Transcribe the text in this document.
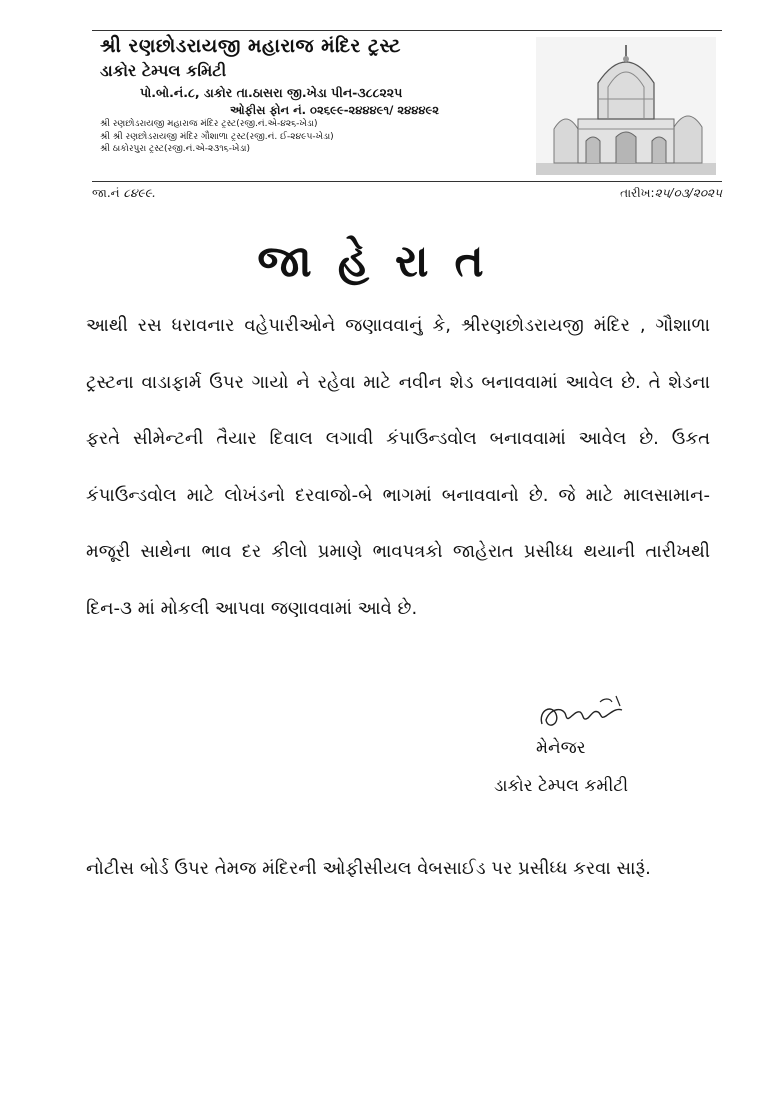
શ્રી રણછોડરાયજી મહારાજ મંદિર ટ્રસ્ટ

ડાકોર ટેમ્પલ કમિટી

પો.બો.નં.૮, ડાકોર તા.ઠાસરા જી.ખેડા પીન-૩૮૮૨૨૫

ઓફીસ ફોન નં. ૦૨૬૯૯-૨૪૪૪૯૧/ ૨૪૪૪૯૨

શ્રી રણછોડરાયજી મહારાજ મંદિર ટ્રસ્ટ(રજી.નં.એ-૪૨૬-ખેડા)

શ્રી શ્રી રણછોડરાયજી મંદિર ગૌશાળા ટ્રસ્ટ(રજી.નં. ઈ-૨૪૯૫-ખેડા)

શ્રી ઠાકોરપુરા ટ્રસ્ટ(રજી.નં.એ-૨૩૧૬-ખેડા)

જા.નં ૮૪૯૯.	તારીખ:૨૫/૦૩/૨૦૨૫
જાહેરાત
આથી રસ ધરાવનાર વહેપારીઓને જણાવવાનું કે, શ્રીરણછોડરાયજી મંદિર , ગૌશાળા ટ્રસ્ટના વાડાફાર્મ ઉપર ગાયો ને રહેવા માટે નવીન શેડ બનાવવામાં આવેલ છે. તે શેડના ફરતે સીમેન્ટની તૈયાર દિવાલ લગાવી કંપાઉન્ડવોલ બનાવવામાં આવેલ છે. ઉકત કંપાઉન્ડવોલ માટે લોખંડનો દરવાજો-બે ભાગમાં બનાવવાનો છે. જે માટે માલસામાન-મજૂરી સાથેના ભાવ દર કીલો પ્રમાણે ભાવપત્રકો જાહેરાત પ્રસીધ્ધ થયાની તારીખથી દિન-૩ માં મોકલી આપવા જણાવવામાં આવે છે.
મેનેજર
ડાકોર ટેમ્પલ કમીટી
નોટીસ બોર્ડ ઉપર તેમજ મંદિરની ઓફીસીયલ વેબસાઈડ પર પ્રસીધ્ધ કરવા સારૂં.
